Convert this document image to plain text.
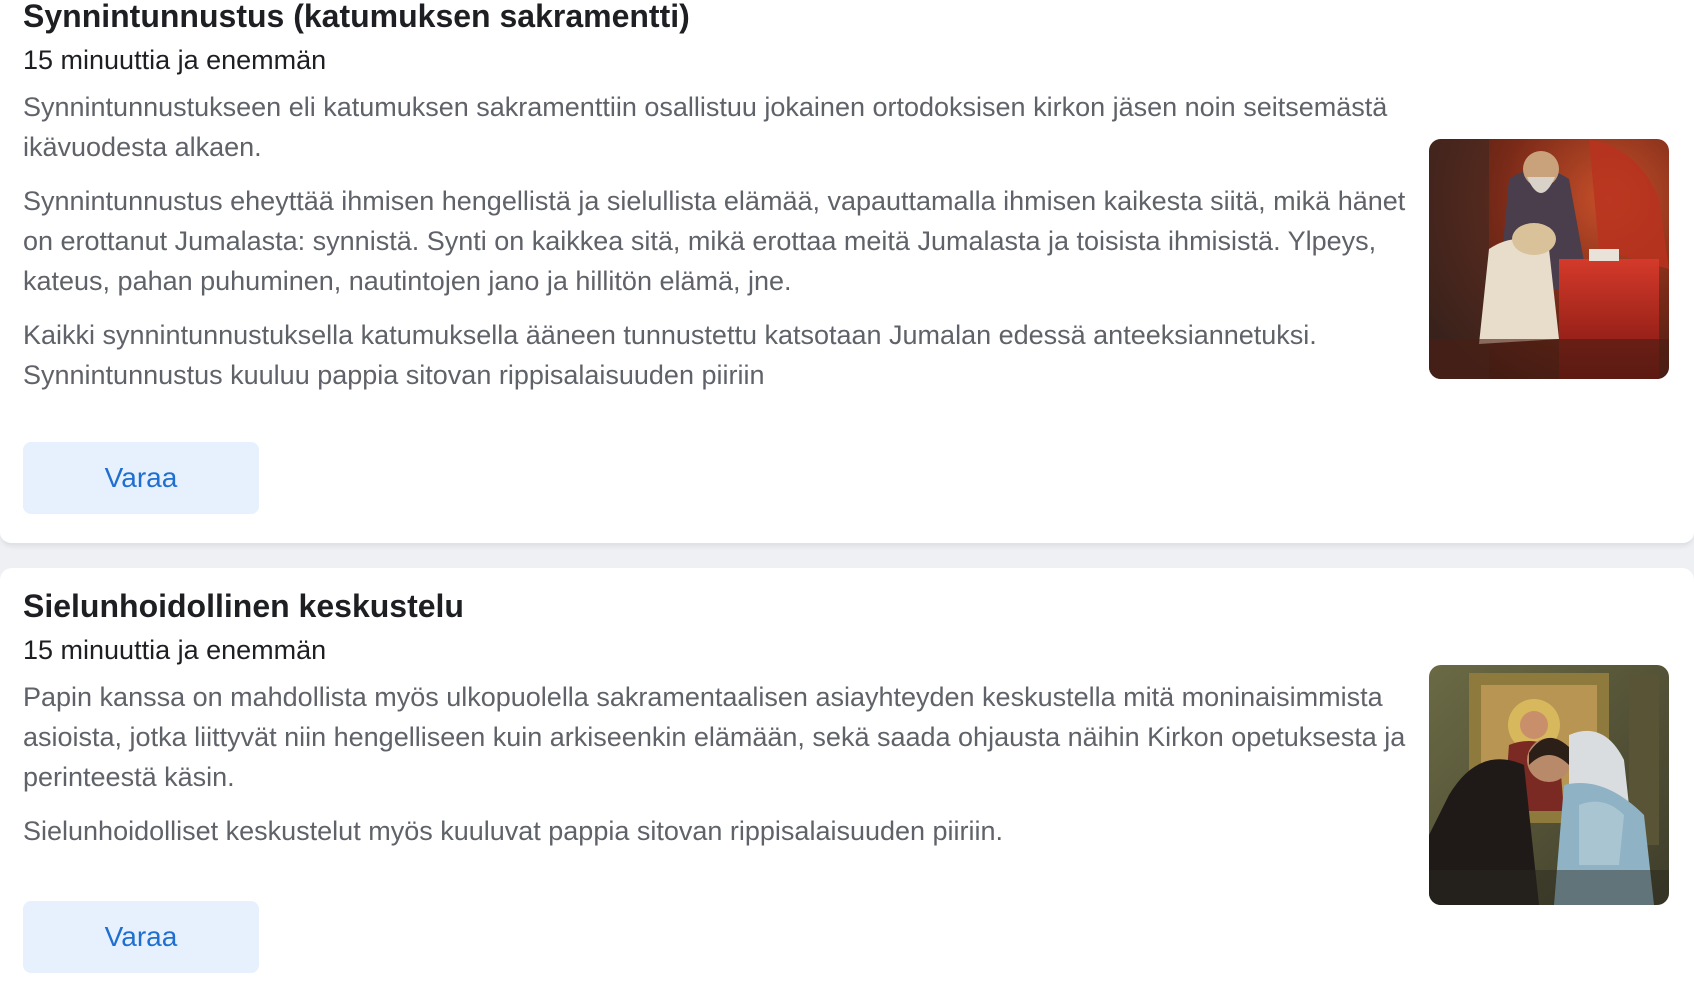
Synnintunnustus (katumuksen sakramentti)
15 minuuttia ja enemmän

Synnintunnustukseen eli katumuksen sakramenttiin osallistuu jokainen ortodoksisen kirkon jäsen noin seitsemästä ikävuodesta alkaen.

Synnintunnustus eheyttää ihmisen hengellistä ja sielullista elämää, vapauttamalla ihmisen kaikesta siitä, mikä hänet on erottanut Jumalasta: synnistä. Synti on kaikkea sitä, mikä erottaa meitä Jumalasta ja toisista ihmisistä. Ylpeys, kateus, pahan puhuminen, nautintojen jano ja hillitön elämä, jne.

Kaikki synnintunnustuksella katumuksella ääneen tunnustettu katsotaan Jumalan edessä anteeksiannetuksi. Synnintunnustus kuuluu pappia sitovan rippisalaisuuden piiriin

Varaa
Sielunhoidollinen keskustelu
15 minuuttia ja enemmän

Papin kanssa on mahdollista myös ulkopuolella sakramentaalisen asiayhteyden keskustella mitä moninaisimmista asioista, jotka liittyvät niin hengelliseen kuin arkiseenkin elämään, sekä saada ohjausta näihin Kirkon opetuksesta ja perinteestä käsin.

Sielunhoidolliset keskustelut myös kuuluvat pappia sitovan rippisalaisuuden piiriin.

Varaa
